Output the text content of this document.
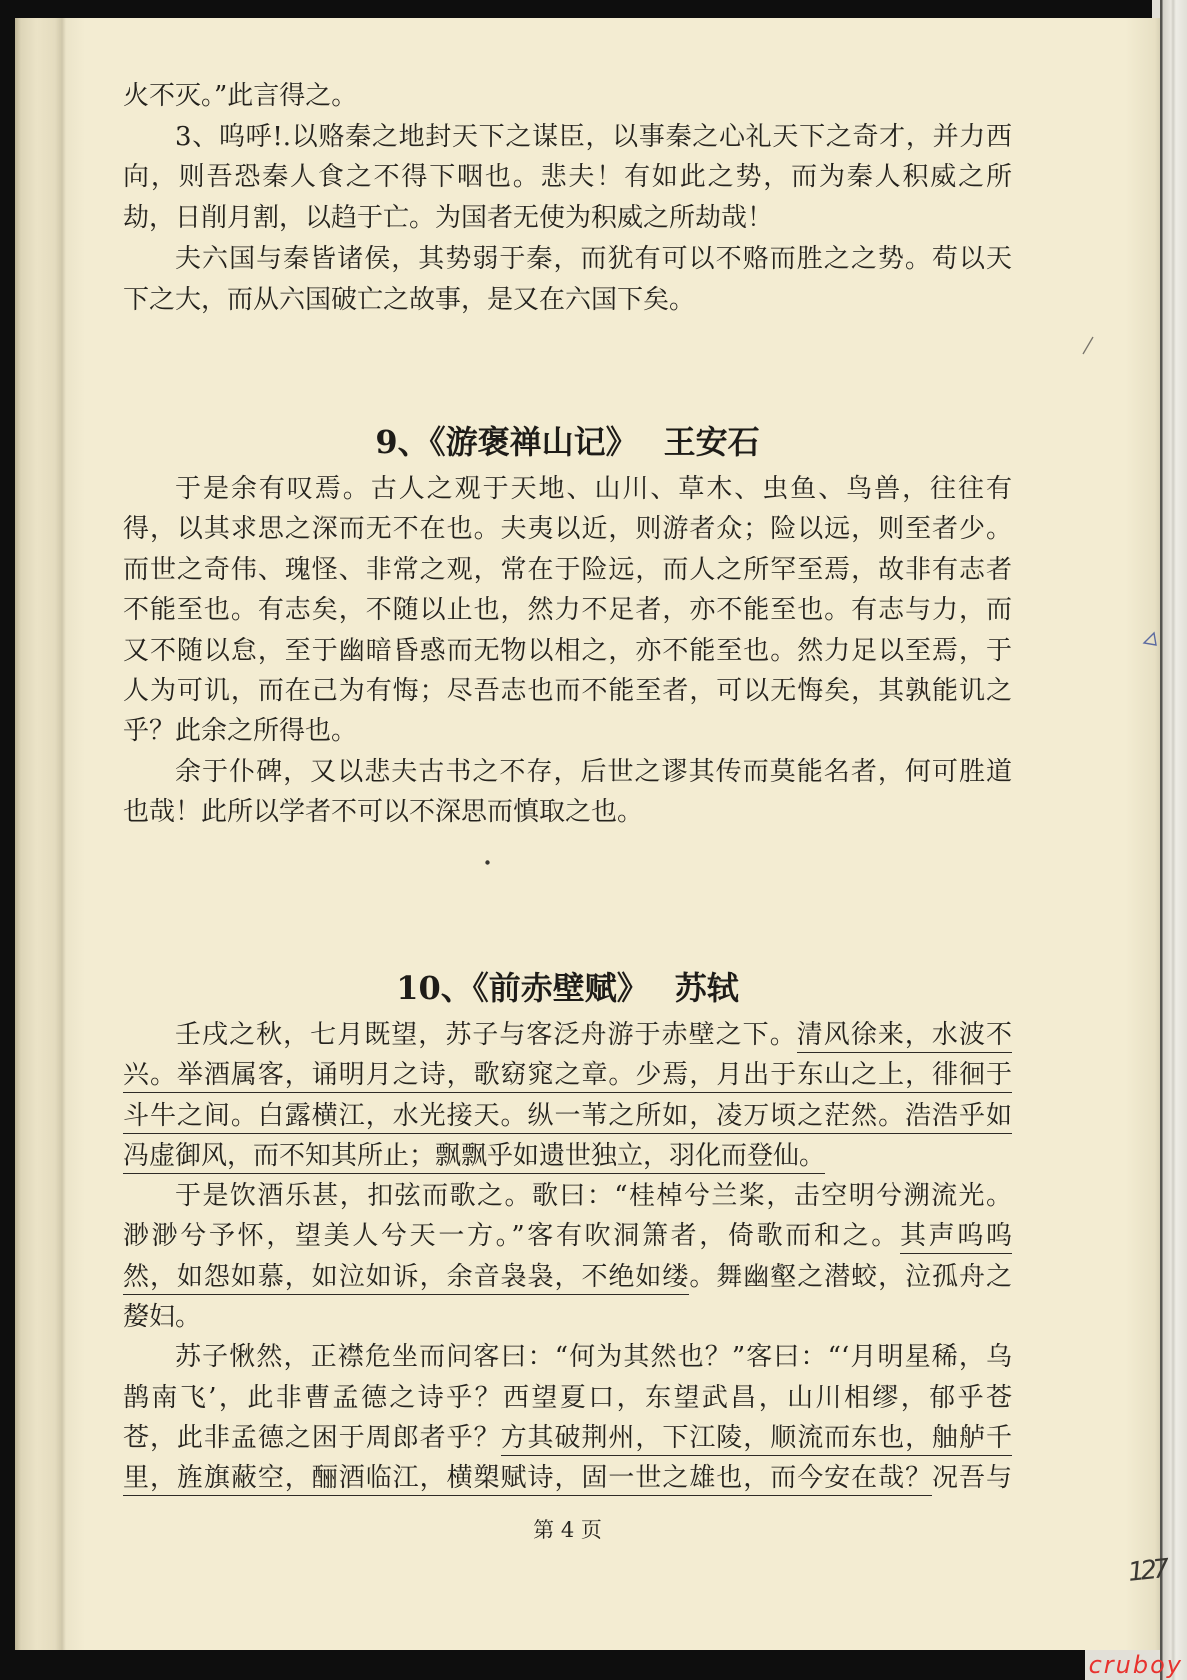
火不灭。”此言得之。
3、呜呼!.以赂秦之地封天下之谋臣，以事秦之心礼天下之奇才，并力西
向，则吾恐秦人食之不得下咽也。悲夫！有如此之势，而为秦人积威之所
劫，日削月割，以趋于亡。为国者无使为积威之所劫哉！
夫六国与秦皆诸侯，其势弱于秦，而犹有可以不赂而胜之之势。苟以天
下之大，而从六国破亡之故事，是又在六国下矣。
9、《游褒禅山记》 王安石
于是余有叹焉。古人之观于天地、山川、草木、虫鱼、鸟兽，往往有
得，以其求思之深而无不在也。夫夷以近，则游者众；险以远，则至者少。
而世之奇伟、瑰怪、非常之观，常在于险远，而人之所罕至焉，故非有志者
不能至也。有志矣，不随以止也，然力不足者，亦不能至也。有志与力，而
又不随以怠，至于幽暗昏惑而无物以相之，亦不能至也。然力足以至焉，于
人为可讥，而在己为有悔；尽吾志也而不能至者，可以无悔矣，其孰能讥之
乎？此余之所得也。
余于仆碑，又以悲夫古书之不存，后世之谬其传而莫能名者，何可胜道
也哉！此所以学者不可以不深思而慎取之也。
10、《前赤壁赋》 苏轼
壬戌之秋，七月既望，苏子与客泛舟游于赤壁之下。清风徐来，水波不
兴。举酒属客，诵明月之诗，歌窈窕之章。少焉，月出于东山之上，徘徊于
斗牛之间。白露横江，水光接天。纵一苇之所如，凌万顷之茫然。浩浩乎如
冯虚御风，而不知其所止；飘飘乎如遗世独立，羽化而登仙。
于是饮酒乐甚，扣弦而歌之。歌曰：“桂棹兮兰桨，击空明兮溯流光。
渺渺兮予怀，望美人兮天一方。”客有吹洞箫者，倚歌而和之。其声呜呜
然，如怨如慕，如泣如诉，余音袅袅，不绝如缕。舞幽壑之潜蛟，泣孤舟之
嫠妇。
苏子愀然，正襟危坐而问客曰：“何为其然也？”客曰：“‘月明星稀，乌
鹊南飞’，此非曹孟德之诗乎？西望夏口，东望武昌，山川相缪，郁乎苍
苍，此非孟德之困于周郎者乎？方其破荆州，下江陵，顺流而东也，舳舻千
里，旌旗蔽空，酾酒临江，横槊赋诗，固一世之雄也，而今安在哉？况吾与
第 4 页
127
cruboy
